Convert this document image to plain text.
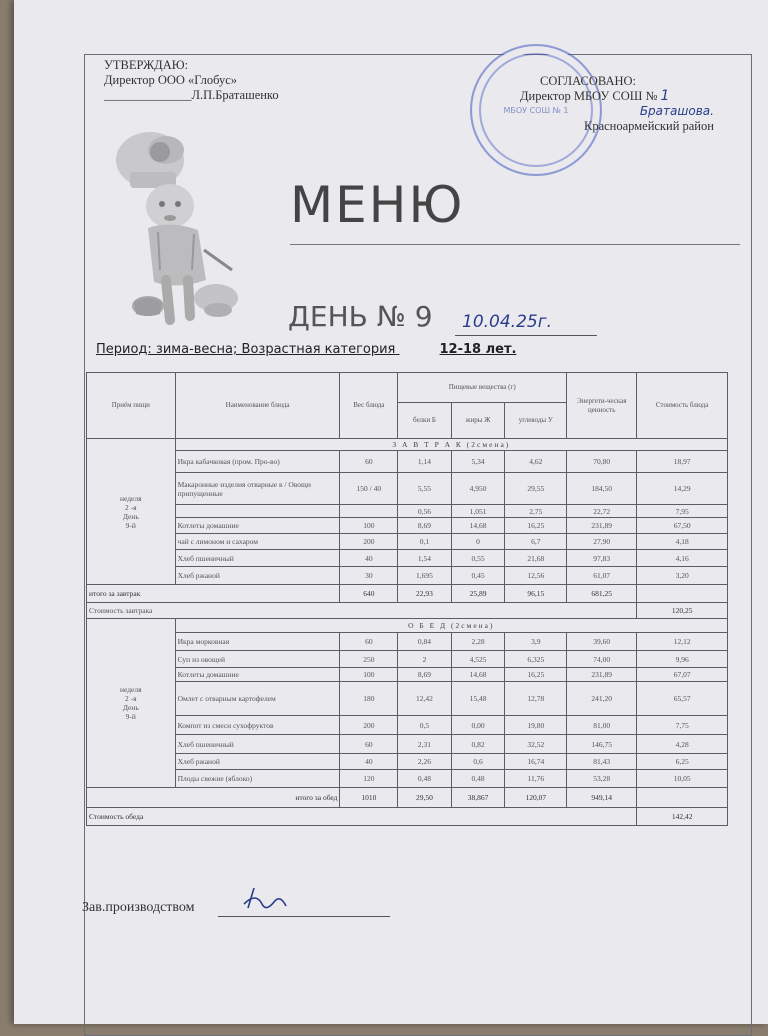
УТВЕРЖДАЮ:
Директор ООО «Глобус»
______________Л.П.Браташенко
МБОУ СОШ № 1
СОГЛАСОВАНО:
Директор МБОУ СОШ № 1
Браташова.
Красноармейский район
МЕНЮ
ДЕНЬ № 9 10.04.25г.
Период: зима-весна; Возрастная категория	12-18 лет.
Приём пищи	Наименование блюда	Вес блюда	Пищевые вещества (г)			Энергети-ческая ценность	Стоимость блюда
			белки Б	жиры Ж	углеводы У		

неделя
2 -я
День
9-й	З А В Т Р А К (2смена)						
	Икра кабачковая (пром. Про-во)	60	1,14	5,34	4,62	70,80	18,97
	Макаронные изделия отварные в / Овощи припущенные	150 / 40	5,55	4,950	29,55	184,50	14,29
			0,56	1,051	2,75	22,72	7,95
	Котлеты домашние	100	8,69	14,68	16,25	231,89	67,50
	чай с лимоном и сахаром	200	0,1	0	6,7	27,90	4,18
	Хлеб пшеничный	40	1,54	0,55	21,68	97,83	4,16
	Хлеб ржаной	30	1,695	0,45	12,56	61,07	3,20
итого за завтрак		640	22,93	25,89	96,15	681,25	
Стоимость завтрака							120,25

неделя
2 -я
День
9-й	О Б Е Д (2смена)						
	Икра морковная	60	0,84	2,28	3,9	39,60	12,12
	Суп из овощей	250	2	4,525	6,325	74,00	9,96
	Котлеты домашние	100	8,69	14,68	16,25	231,89	67,07
	Омлет с отварным картофелем	180	12,42	15,48	12,78	241,20	65,57
	Компот из смеси сухофруктов	200	0,5	0,00	19,80	81,00	7,75
	Хлеб пшеничный	60	2,31	0,82	32,52	146,75	4,28
	Хлеб ржаной	40	2,26	0,6	16,74	81,43	6,25
	Плоды свежие (яблоко)	120	0,48	0,48	11,76	53,28	10,05
итого за обед		1010	29,50	38,867	120,07	949,14	
Стоимость обеда							142,42
Зав.производством
